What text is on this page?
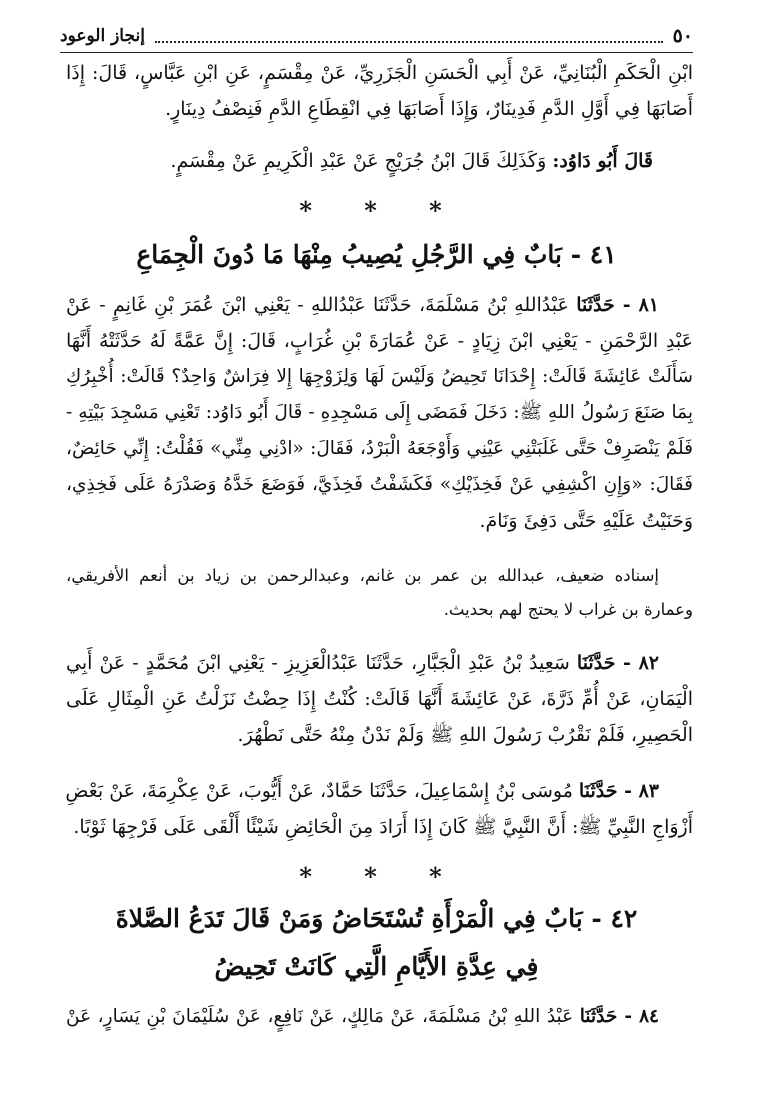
٥٠
إنجاز الوعود
ابْنِ الْحَكَمِ الْبُنَانِيِّ، عَنْ أَبِي الْحَسَنِ الْجَزَرِيِّ، عَنْ مِقْسَمٍ، عَنِ ابْنِ عَبَّاسٍ، قَالَ: إِذَا
أَصَابَهَا فِي أَوَّلِ الدَّمِ فَدِينَارٌ، وَإِذَا أَصَابَهَا فِي انْقِطَاعِ الدَّمِ فَنِصْفُ دِينَارٍ.
قَالَ أَبُو دَاوُد: وَكَذَلِكَ قَالَ ابْنُ جُرَيْجٍ عَنْ عَبْدِ الْكَرِيمِ عَنْ مِقْسَمٍ.
* * *
٤١ - بَابٌ فِي الرَّجُلِ يُصِيبُ مِنْهَا مَا دُونَ الْجِمَاعِ
٨١ - حَدَّثَنَا عَبْدُاللهِ بْنُ مَسْلَمَةَ، حَدَّثَنَا عَبْدُاللهِ - يَعْنِي ابْنَ عُمَرَ بْنِ غَانِمٍ - عَنْ
عَبْدِ الرَّحْمَنِ - يَعْنِي ابْنَ زِيَادٍ - عَنْ عُمَارَةَ بْنِ غُرَابٍ، قَالَ: إِنَّ عَمَّةً لَهُ حَدَّثَتْهُ أَنَّهَا
سَأَلَتْ عَائِشَةَ قَالَتْ: إِحْدَانَا تَحِيضُ وَلَيْسَ لَهَا وَلِزَوْجِهَا إِلا فِرَاشٌ وَاحِدٌ؟ قَالَتْ: أُخْبِرُكِ
بِمَا صَنَعَ رَسُولُ اللهِ ﷺ: دَخَلَ فَمَضَى إِلَى مَسْجِدِهِ - قَالَ أَبُو دَاوُد: تَعْنِي مَسْجِدَ بَيْتِهِ -
فَلَمْ يَنْصَرِفْ حَتَّى غَلَبَتْنِي عَيْنِي وَأَوْجَعَهُ الْبَرْدُ، فَقَالَ: «ادْنِي مِنِّي» فَقُلْتُ: إِنِّي حَائِضٌ،
فَقَالَ: «وَإِنِ اكْشِفِي عَنْ فَخِذَيْكِ» فَكَشَفْتُ فَخِذَيَّ، فَوَضَعَ خَدَّهُ وَصَدْرَهُ عَلَى فَخِذِي،
وَحَنَيْتُ عَلَيْهِ حَتَّى دَفِئَ وَنَامَ.
إسناده ضعيف، عبدالله بن عمر بن غانم، وعبدالرحمن بن زياد بن أنعم الأفريقي،
وعمارة بن غراب لا يحتج لهم بحديث.
٨٢ - حَدَّثَنَا سَعِيدُ بْنُ عَبْدِ الْجَبَّارِ، حَدَّثَنَا عَبْدُالْعَزِيزِ - يَعْنِي ابْنَ مُحَمَّدٍ - عَنْ أَبِي
الْيَمَانِ، عَنْ أُمِّ ذَرَّةَ، عَنْ عَائِشَةَ أَنَّهَا قَالَتْ: كُنْتُ إِذَا حِضْتُ نَزَلْتُ عَنِ الْمِثَالِ عَلَى
الْحَصِيرِ، فَلَمْ نَقْرُبْ رَسُولَ اللهِ ﷺ وَلَمْ نَدْنُ مِنْهُ حَتَّى نَطْهُرَ.
٨٣ - حَدَّثَنَا مُوسَى بْنُ إِسْمَاعِيلَ، حَدَّثَنَا حَمَّادٌ، عَنْ أَيُّوبَ، عَنْ عِكْرِمَةَ، عَنْ بَعْضِ
أَزْوَاجِ النَّبِيِّ ﷺ: أَنَّ النَّبِيَّ ﷺ كَانَ إِذَا أَرَادَ مِنَ الْحَائِضِ شَيْئًا أَلْقَى عَلَى فَرْجِهَا ثَوْبًا.
* * *
٤٢ - بَابٌ فِي الْمَرْأَةِ تُسْتَحَاضُ وَمَنْ قَالَ تَدَعُ الصَّلاةَ
فِي عِدَّةِ الأَيَّامِ الَّتِي كَانَتْ تَحِيضُ
٨٤ - حَدَّثَنَا عَبْدُ اللهِ بْنُ مَسْلَمَةَ، عَنْ مَالِكٍ، عَنْ نَافِعٍ، عَنْ سُلَيْمَانَ بْنِ يَسَارٍ، عَنْ
